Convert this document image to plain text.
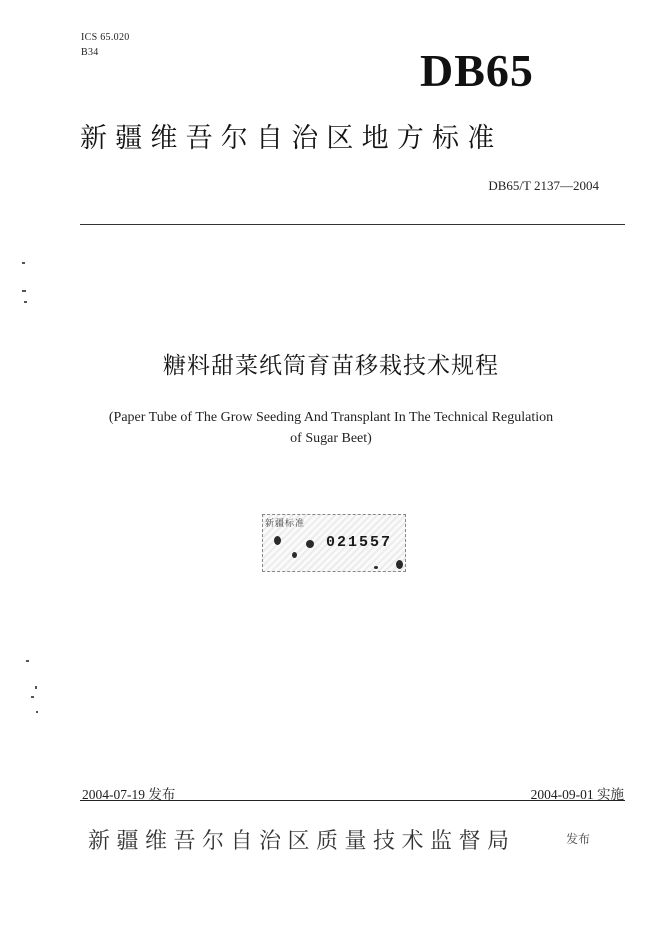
ICS 65.020
B34	DB65
新疆维吾尔自治区地方标准
DB65/T 2137—2004
糖料甜菜纸筒育苗移栽技术规程
(Paper Tube of The Grow Seeding And Transplant In The Technical Regulation
of Sugar Beet)
新疆标准
021557
2004-07-19 发布	2004-09-01 实施
新疆维吾尔自治区质量技术监督局	发布
